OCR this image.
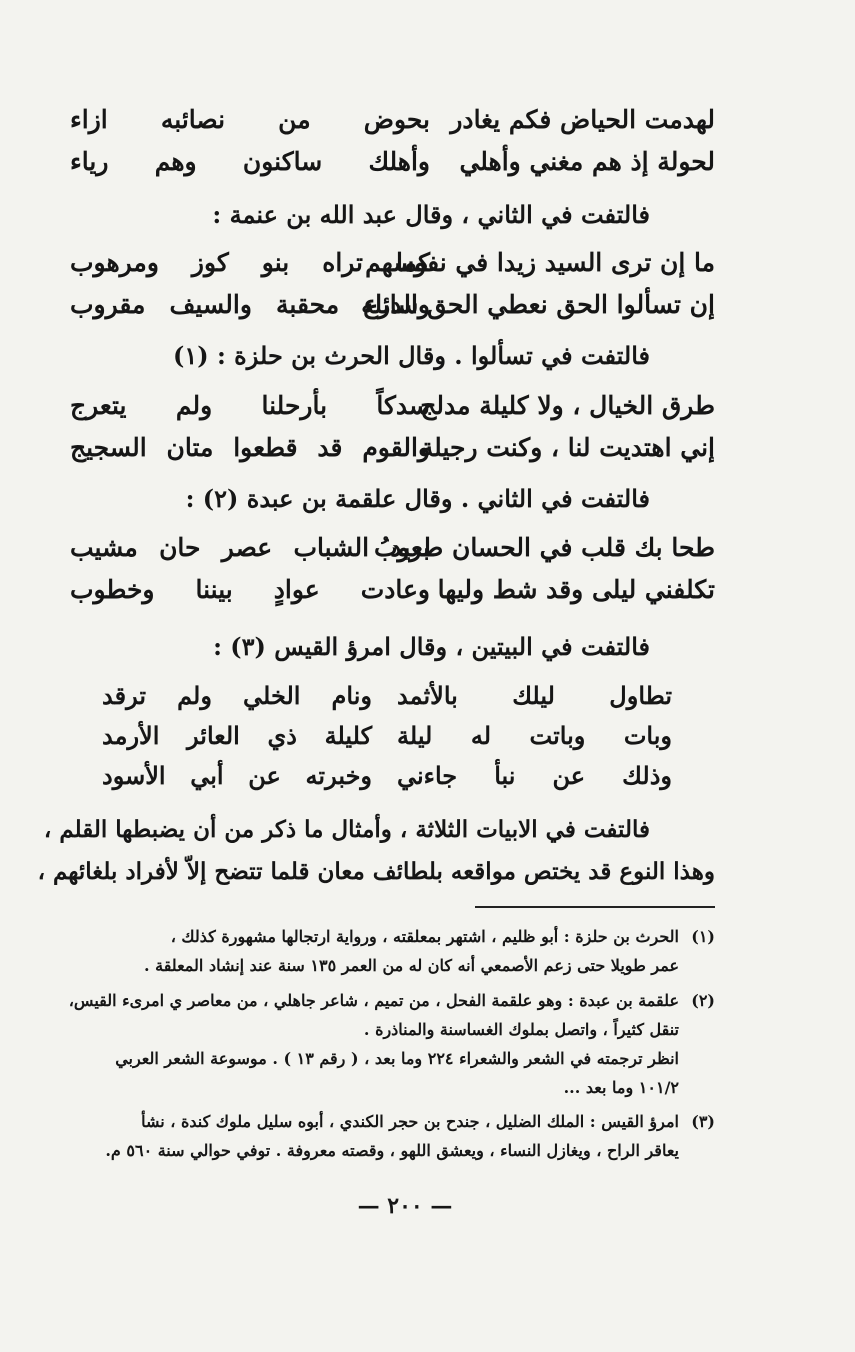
لهدمت الحياض فكم يغادر
بحوض من نصائبه ازاء
لحولة إذ هم مغني وأهلي
وأهلك ساكنون وهم رياء
فالتفت في الثاني ، وقال عبد الله بن عنمة :
ما إن ترى السيد زيدا في نفوسهم
كما تراه بنو كوز ومرهوب
إن تسألوا الحق نعطي الحق سائله
والدرع محقبة والسيف مقروب
فالتفت في تسألوا . وقال الحرث بن حلزة : (١)
طرق الخيال ، ولا كليلة مدلج
سدكاً بأرحلنا ولم يتعرج
إني اهتديت لنا ، وكنت رجيلة
والقوم قد قطعوا متان السجيج
فالتفت في الثاني . وقال علقمة بن عبدة (٢) :
طحا بك قلب في الحسان طروبُ
بعيد الشباب عصر حان مشيب
تكلفني ليلى وقد شط وليها
وعادت عوادٍ بيننا وخطوب
فالتفت في البيتين ، وقال امرؤ القيس (٣) :
تطاول ليلك بالأثمد
ونام الخلي ولم ترقد
وبات وباتت له ليلة
كليلة ذي العائر الأرمد
وذلك عن نبأ جاءني
وخبرته عن أبي الأسود
فالتفت في الابيات الثلاثة ، وأمثال ما ذكر من أن يضبطها القلم ،
وهذا النوع قد يختص مواقعه بلطائف معان قلما تتضح إلاّ لأفراد بلغائهم ،
(١)
الحرث بن حلزة : أبو ظليم ، اشتهر بمعلقته ، ورواية ارتجالها مشهورة كذلك ،
عمر طويلا حتى زعم الأصمعي أنه كان له من العمر ١٣٥ سنة عند إنشاد المعلقة .
(٢)
علقمة بن عبدة : وهو علقمة الفحل ، من تميم ، شاعر جاهلي ، من معاصر ي امرىء القيس،
تنقل كثيراً ، واتصل بملوك الغساسنة والمناذرة .
انظر ترجمته في الشعر والشعراء ٢٢٤ وما بعد ، ( رقم ١٣ ) . موسوعة الشعر العربي
١٠١/٢ وما بعد ...
(٣)
امرؤ القيس : الملك الضليل ، جندح بن حجر الكندي ، أبوه سليل ملوك كندة ، نشأ
يعاقر الراح ، ويغازل النساء ، ويعشق اللهو ، وقصته معروفة . توفي حوالي سنة ٥٦٠ م.
— ٢٠٠ —
